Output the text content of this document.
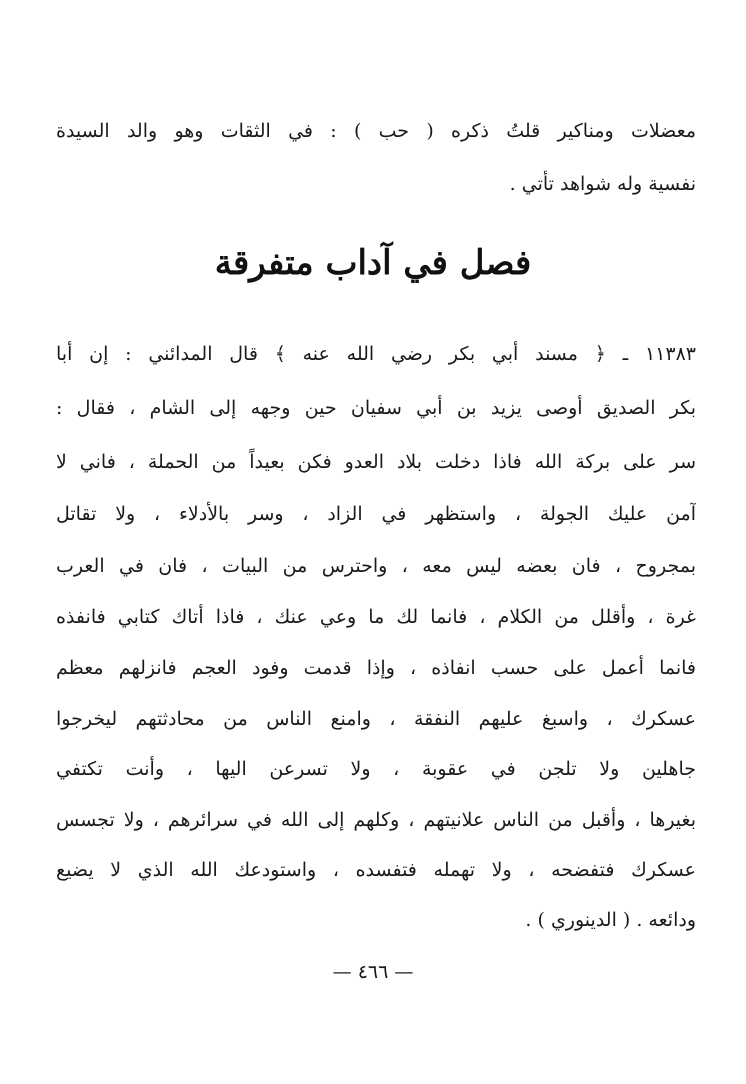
معضلات ومناكير قلتُ ذكره ( حب ) : في الثقات وهو والد السيدة
نفسية وله شواهد تأتي .
فصل في آداب متفرقة
١١٣٨٣ ـ ﴿ مسند أبي بكر رضي الله عنه ﴾ قال المدائني : إن أبا
بكر الصديق أوصى يزيد بن أبي سفيان حين وجهه إلى الشام ، فقال :
سر على بركة الله فاذا دخلت بلاد العدو فكن بعيداً من الحملة ، فاني لا
آمن عليك الجولة ، واستظهر في الزاد ، وسر بالأدلاء ، ولا تقاتل
بمجروح ، فان بعضه ليس معه ، واحترس من البيات ، فان في العرب
غرة ، وأقلل من الكلام ، فانما لك ما وعي عنك ، فاذا أتاك كتابي فانفذه
فانما أعمل على حسب انفاذه ، وإذا قدمت وفود العجم فانزلهم معظم
عسكرك ، واسبغ عليهم النفقة ، وامنع الناس من محادثتهم ليخرجوا
جاهلين ولا تلجن في عقوبة ، ولا تسرعن اليها ، وأنت تكتفي
بغيرها ، وأقبل من الناس علانيتهم ، وكلهم إلى الله في سرائرهم ، ولا تجسس
عسكرك فتفضحه ، ولا تهمله فتفسده ، واستودعك الله الذي لا يضيع
ودائعه . ( الدينوري ) .
— ٤٦٦ —
